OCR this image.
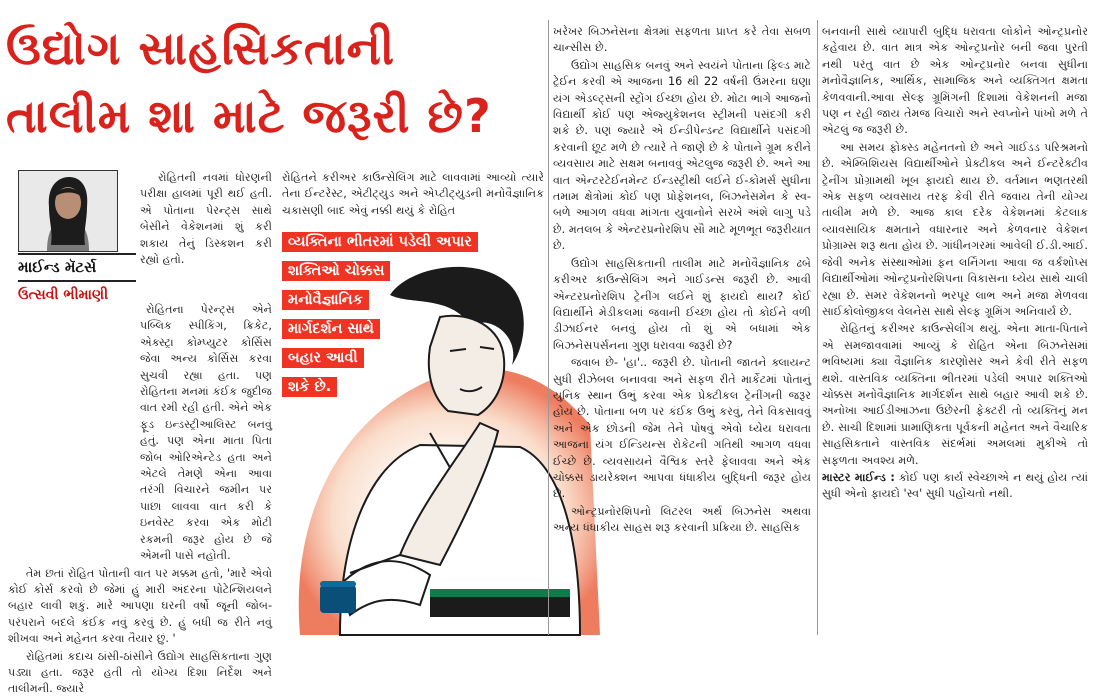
ઉદ્યોગ સાહસિકતાની
તાલીમ શા માટે જરૂરી છે?
માઈન્ડ મૅટર્સ
ઉત્સવી ભીમાણી

રોહિતની નવમાં ધોરણની પરીક્ષા હાલમાં પૂરી થઈ હતી. એ પોતાના પેરન્ટ્સ સાથે બેસીને વેકેશનમાં શું કરી શકાય તેનું ડિસ્કશન કરી રહ્યો હતો.

રોહિતના પેરન્ટ્સ એને પબ્લિક સ્પીકિંગ, ક્રિકેટ, એક્સ્ટ્રા કોમ્પ્યુટર કોર્સિસ જેવા અન્ય કોર્સિસ કરવા સુચવી રહ્યા હતા. પણ રોહિતના મનમાં કંઈક જુદીજ વાત રમી રહી હતી. એને એક ફૂડ ઇન્ડસ્ટ્રીઆલિસ્ટ બનવું હતું. પણ એના માતા પિતા જોબ ઓરિએન્ટેડ હતા અને એટલે તેમણે એના આવા તરંગી વિચારને જમીન પર પાછા લાવવા વાત કરી કે ઇનવેસ્ટ કરવા એક મોટી રકમની જરૂર હોય છે જે એમની પાસે નહોતી.

તેમ છતાં રોહિત પોતાની વાત પર મક્કમ હતો, 'મારે એવો કોઈ કોર્સ કરવો છે જેમાં હું મારી અંદરના પોટેન્શિયલને બહાર લાવી શકું. મારે આપણા ઘરની વર્ષો જૂની જોબ-પરંપરાને બદલે કંઈક નવું કરવું છે. હું બધી જ રીતે નવું શીખવા અને મહેનત કરવા તૈયાર છું. '

રોહિતમાં કદાચ ઠાંસી-ઠાંસીને ઉદ્યોગ સાહસિકતાના ગુણ પડ્યા હતા. જરૂર હતી તો યોગ્ય દિશા નિર્દેશ અને તાલીમની. જ્યારે

રોહિતને કરીઅર કાઉન્સેલિંગ માટે લાવવામાં આવ્યો ત્યારે તેના ઈન્ટરેસ્ટ, એટીટ્યુડ અને એપ્ટીટ્યુડની મનોવૈજ્ઞાનિક ચકાસણી બાદ એવું નક્કી થયું કે રોહિત

વ્યક્તિના ભીતરમાં પડેલી અપાર
શક્તિઓ ચોક્કસ
મનોવૈજ્ઞાનિક
માર્ગદર્શન સાથે
બહાર આવી
શકે છે.

ખરેખર બિઝનેસના ક્ષેત્રમાં સફળતા પ્રાપ્ત કરે તેવા સબળ ચાન્સીસ છે.

ઉદ્યોગ સાહસિક બનવું અને સ્વયંને પોતાના ફિલ્ડ માટે ટ્રેઈન કરવી એ આજના 16 થી 22 વર્ષની ઉંમરના ઘણા યંગ એડલ્ટ્સની સ્ટ્રોંગ ઈચ્છા હોય છે. મોટા ભાગે આજનો વિદ્યાર્થી કોઈ પણ એજ્યુકેશનલ સ્ટ્રીમની પસંદગી કરી શકે છે. પણ જ્યારે એ ઈન્ડીપેન્ડન્ટ વિદ્યાર્થીને પસંદગી કરવાની છૂટ મળે છે ત્યારે તે જાણે છે કે પોતાને ગ્રૂમ કરીને વ્યવસાય માટે સક્ષમ બનાવવું એટલુજ જરૂરી છે. અને આ વાત એન્ટરટેઈનમેન્ટ ઈન્ડસ્ટ્રીથી લઈને ઈ-કોમર્સ સુધીના તમામ ક્ષેત્રોમાં કોઈ પણ પ્રોફેશનલ, બિઝનેસમેન કે સ્વ-બળે આગળ વધવા માંગતા યુવાનોને સરખે અંશે લાગુ પડે છે. મતલબ કે એન્ટરપ્રનોરશિપ સૌ માટે મૂળભૂત જરૂરીયાત છે.

ઉદ્યોગ સાહસિકતાની તાલીમ માટે મનોવૈજ્ઞાનિક ઢબે કરીઅર કાઉન્સેલિંગ અને ગાઈડન્સ જરૂરી છે. આવી એન્ટરપ્રનોરશિપ ટ્રેનીંગ લઈને શું ફાયદો થાય? કોઈ વિદ્યાર્થીને મેડીકલમાં જવાની ઈચ્છા હોય તો કોઈને વળી ડીઝાઈનર બનવું હોય તો શું એ બધામાં એક બિઝનેસપર્સનના ગુણ ધરાવવા જરૂરી છે?

જવાબ છે- 'હા'.. જરૂરી છે. પોતાની જાતને ક્લાયન્ટ સુધી રીઝેબલ બનાવવા અને સફળ રીતે માર્કેટમાં પોતાનું યુનિક સ્થાન ઉભું કરવા એક પ્રેક્ટીકલ ટ્રેનીંગની જરૂર હોય છે. પોતાના બળ પર કંઈક ઉભું કરવું, તેને વિકસાવવું અને એક છોડની જેમ તેને પોષવું એવો ધ્યેય ધરાવતા આજના યંગ ઈન્ડિયન્સ રોકેટની ગતિથી આગળ વધવા ઈચ્છે છે. વ્યવસાયને વૈશ્વિક સ્તરે ફેલાવવા અને એક ચોક્કસ ડાયરેક્શન આપવા ધંધાકીય બુદ્ધિની જરૂર હોય છે.

ઓન્ટ્રપ્રનોરશિપનો લિટરલ અર્થ બિઝનેસ અથવા અન્ય ધંધાકીય સાહસ શરૂ કરવાની પ્રક્રિયા છે. સાહસિક

બનવાની સાથે વ્યાપારી બુદ્ધિ ધરાવતા લોકોને ઓન્ટ્રપ્રનોર કહેવાય છે. વાત માત્ર એક ઓન્ટ્રપ્રનોર બની જવા પુરતી નથી પરંતુ વાત છે એક ઓન્ટ્રપ્રનોર બનવા સુધીના મનોવૈજ્ઞાનિક, આર્થિક, સામાજિક અને વ્યક્તિગત ક્ષમતા કેળવવાની.આવા સેલ્ફ ગ્રૂમિંગની દિશામાં વેકેશનની મજા પણ ન રહી જાય તેમજ વિચારો અને સ્વપ્નોને પાંખો મળે તે એટલું જ જરૂરી છે.

આ સમય ફોક્સ્ડ મહેનતનો છે અને ગાઈડડ પરિશ્રમનો છે. એમ્બિશિયસ વિદ્યાર્થીઓને પ્રેક્ટીકલ અને ઈન્ટરેક્ટીવ ટ્રેનીંગ પ્રોગ્રામથી ખૂબ ફાયદો થાય છે. વર્તમાન ભણતરથી એક સફળ વ્યવસાય તરફ કેવી રીતે જવાય તેની યોગ્ય તાલીમ મળે છે. આજ કાલ દરેક વેકેશનમાં કેટલાક વ્યાવસાયિક ક્ષમતાને વધારનાર અને કેળવનાર વેકેશન પ્રોગ્રામ્સ શરૂ થતા હોય છે. ગાંધીનગરમાં આવેલી ઈ.ડી.આઈ. જેવી અનેક સંસ્થાઓમાં ફન લર્નિંગના આવા જ વર્કશોપ્સ વિદ્યાર્થીઓમાં ઓન્ટ્રપ્રનોરશિપના વિકાસના ધ્યેય સાથે ચાલી રહ્યા છે. સમર વેકેશનનો ભરપૂર લાભ અને મજા મેળવવા સાઈકોલોજીકલ વેલનેસ સાથે સેલ્ફ ગ્રૂમિંગ અનિવાર્ય છે.

રોહિતનું કરીઅર કાઉન્સેલીંગ થયું. એના માતા-પિતાને એ સમજાવવામાં આવ્યું કે રોહિત એના બિઝનેસમાં ભવિષ્યમાં ક્યા વૈજ્ઞાનિક કારણોસર અને કેવી રીતે સફળ થશે. વાસ્તવિક વ્યક્તિના ભીતરમાં પડેલી અપાર શક્તિઓ ચોક્કસ મનોવૈજ્ઞાનિક માર્ગદર્શન સાથે બહાર આવી શકે છે. અનોખા આઈડીઆઝના ઉછેરની ફેક્ટરી તો વ્યક્તિનું મન છે. સાચી દિશામાં પ્રામાણિકતા પૂર્વકની મહેનત અને વૈચારિક સાહસિકતાને વાસ્તવિક સંદર્ભમાં અમલમાં મુકીએ તો સફળતા અવશ્ય મળે.

માસ્ટર માઈન્ડ : કોઈ પણ કાર્ય સ્વેચ્છાએ ન થયું હોય ત્યાં સુધી એનો ફાયદો 'સ્વ' સુધી પહોંચતો નથી.
